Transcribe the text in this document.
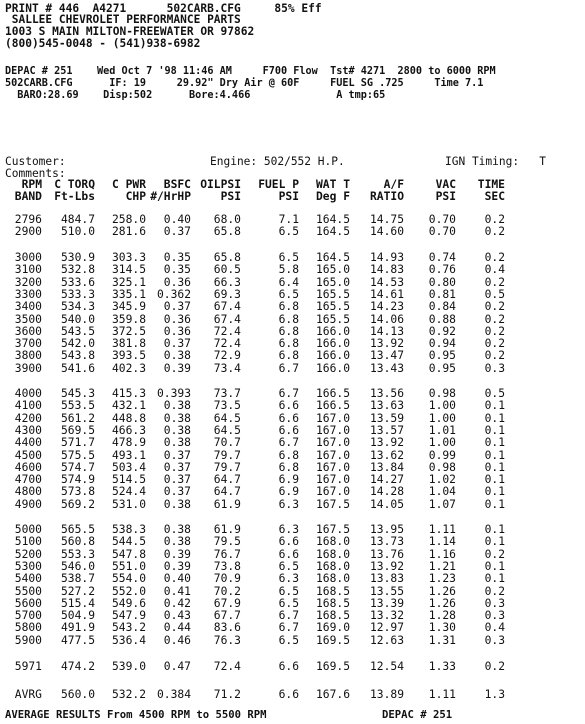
PRINT # 446  A4271      502CARB.CFG     85% Eff
SALLEE CHEVROLET PERFORMANCE PARTS
1003 S MAIN MILTON-FREEWATER OR 97862
(800)545-0048 - (541)938-6982
DEPAC # 251    Wed Oct 7 '98 11:46 AM     F700 Flow  Tst# 4271  2800 to 6000 RPM
502CARB.CFG      IF: 19     29.92" Dry Air @ 60F     FUEL SG .725     Time 7.1
BARO:28.69    Disp:502      Bore:4.466              A tmp:65
Customer:	Engine: 502/552 H.P.	IGN Timing:   T
Comments:
RPM C TORQ C PWR BSFC OILPSI FUEL P WAT T	A/F	VAC TIME
BAND Ft-Lbs	CHP #/HrHP	PSI	PSI Deg F RATIO	PSI	SEC
2796 484.7 258.0 0.40 68.0	7.1 164.5 14.75 0.70	0.2
2900 510.0 281.6 0.37 65.8	6.5 164.5 14.60 0.70	0.2
3000 530.9 303.3 0.35 65.8	6.5 164.5 14.93 0.74	0.2
3100 532.8 314.5 0.35 60.5	5.8 165.0 14.83 0.76	0.4
3200 533.6 325.1 0.36 66.3	6.4 165.0 14.53 0.80	0.2
3300 533.3 335.1 0.362 69.3	6.5 165.5 14.61 0.81	0.5
3400 534.3 345.9 0.37 67.4	6.8 165.5 14.23 0.84	0.2
3500 540.0 359.8 0.36 67.4	6.8 165.5 14.06 0.88	0.2
3600 543.5 372.5 0.36 72.4	6.8 166.0 14.13 0.92	0.2
3700 542.0 381.8 0.37 72.4	6.8 166.0 13.92 0.94	0.2
3800 543.8 393.5 0.38 72.9	6.8 166.0 13.47 0.95	0.2
3900 541.6 402.3 0.39 73.4	6.7 166.0 13.43 0.95	0.3
4000 545.3 415.3 0.393 73.7	6.7 166.5 13.56 0.98	0.5
4100 553.5 432.1 0.38 73.5	6.6 166.5 13.63 1.00	0.1
4200 561.2 448.8 0.38 64.5	6.6 167.0 13.59 1.00	0.1
4300 569.5 466.3 0.38 64.5	6.6 167.0 13.57 1.01	0.1
4400 571.7 478.9 0.38 70.7	6.7 167.0 13.92 1.00	0.1
4500 575.5 493.1 0.37 79.7	6.8 167.0 13.62 0.99	0.1
4600 574.7 503.4 0.37 79.7	6.8 167.0 13.84 0.98	0.1
4700 574.9 514.5 0.37 64.7	6.9 167.0 14.27 1.02	0.1
4800 573.8 524.4 0.37 64.7	6.9 167.0 14.28 1.04	0.1
4900 569.2 531.0 0.38 61.9	6.3 167.5 14.05 1.07	0.1
5000 565.5 538.3 0.38 61.9	6.3 167.5 13.95 1.11	0.1
5100 560.8 544.5 0.38 79.5	6.6 168.0 13.73 1.14	0.1
5200 553.3 547.8 0.39 76.7	6.6 168.0 13.76 1.16	0.2
5300 546.0 551.0 0.39 73.8	6.5 168.0 13.92 1.21	0.1
5400 538.7 554.0 0.40 70.9	6.3 168.0 13.83 1.23	0.1
5500 527.2 552.0 0.41 70.2	6.5 168.5 13.55 1.26	0.2
5600 515.4 549.6 0.42 67.9	6.5 168.5 13.39 1.26	0.3
5700 504.9 547.9 0.43 67.7	6.7 168.5 13.32 1.28	0.3
5800 491.9 543.2 0.44 83.6	6.7 169.0 12.97 1.30	0.4
5900 477.5 536.4 0.46 76.3	6.5 169.5 12.63 1.31	0.3
5971 474.2 539.0 0.47 72.4	6.6 169.5 12.54 1.33	0.2
AVRG 560.0 532.2 0.384 71.2	6.6 167.6 13.89 1.11	1.3
AVERAGE RESULTS From 4500 RPM to 5500 RPM	DEPAC # 251
